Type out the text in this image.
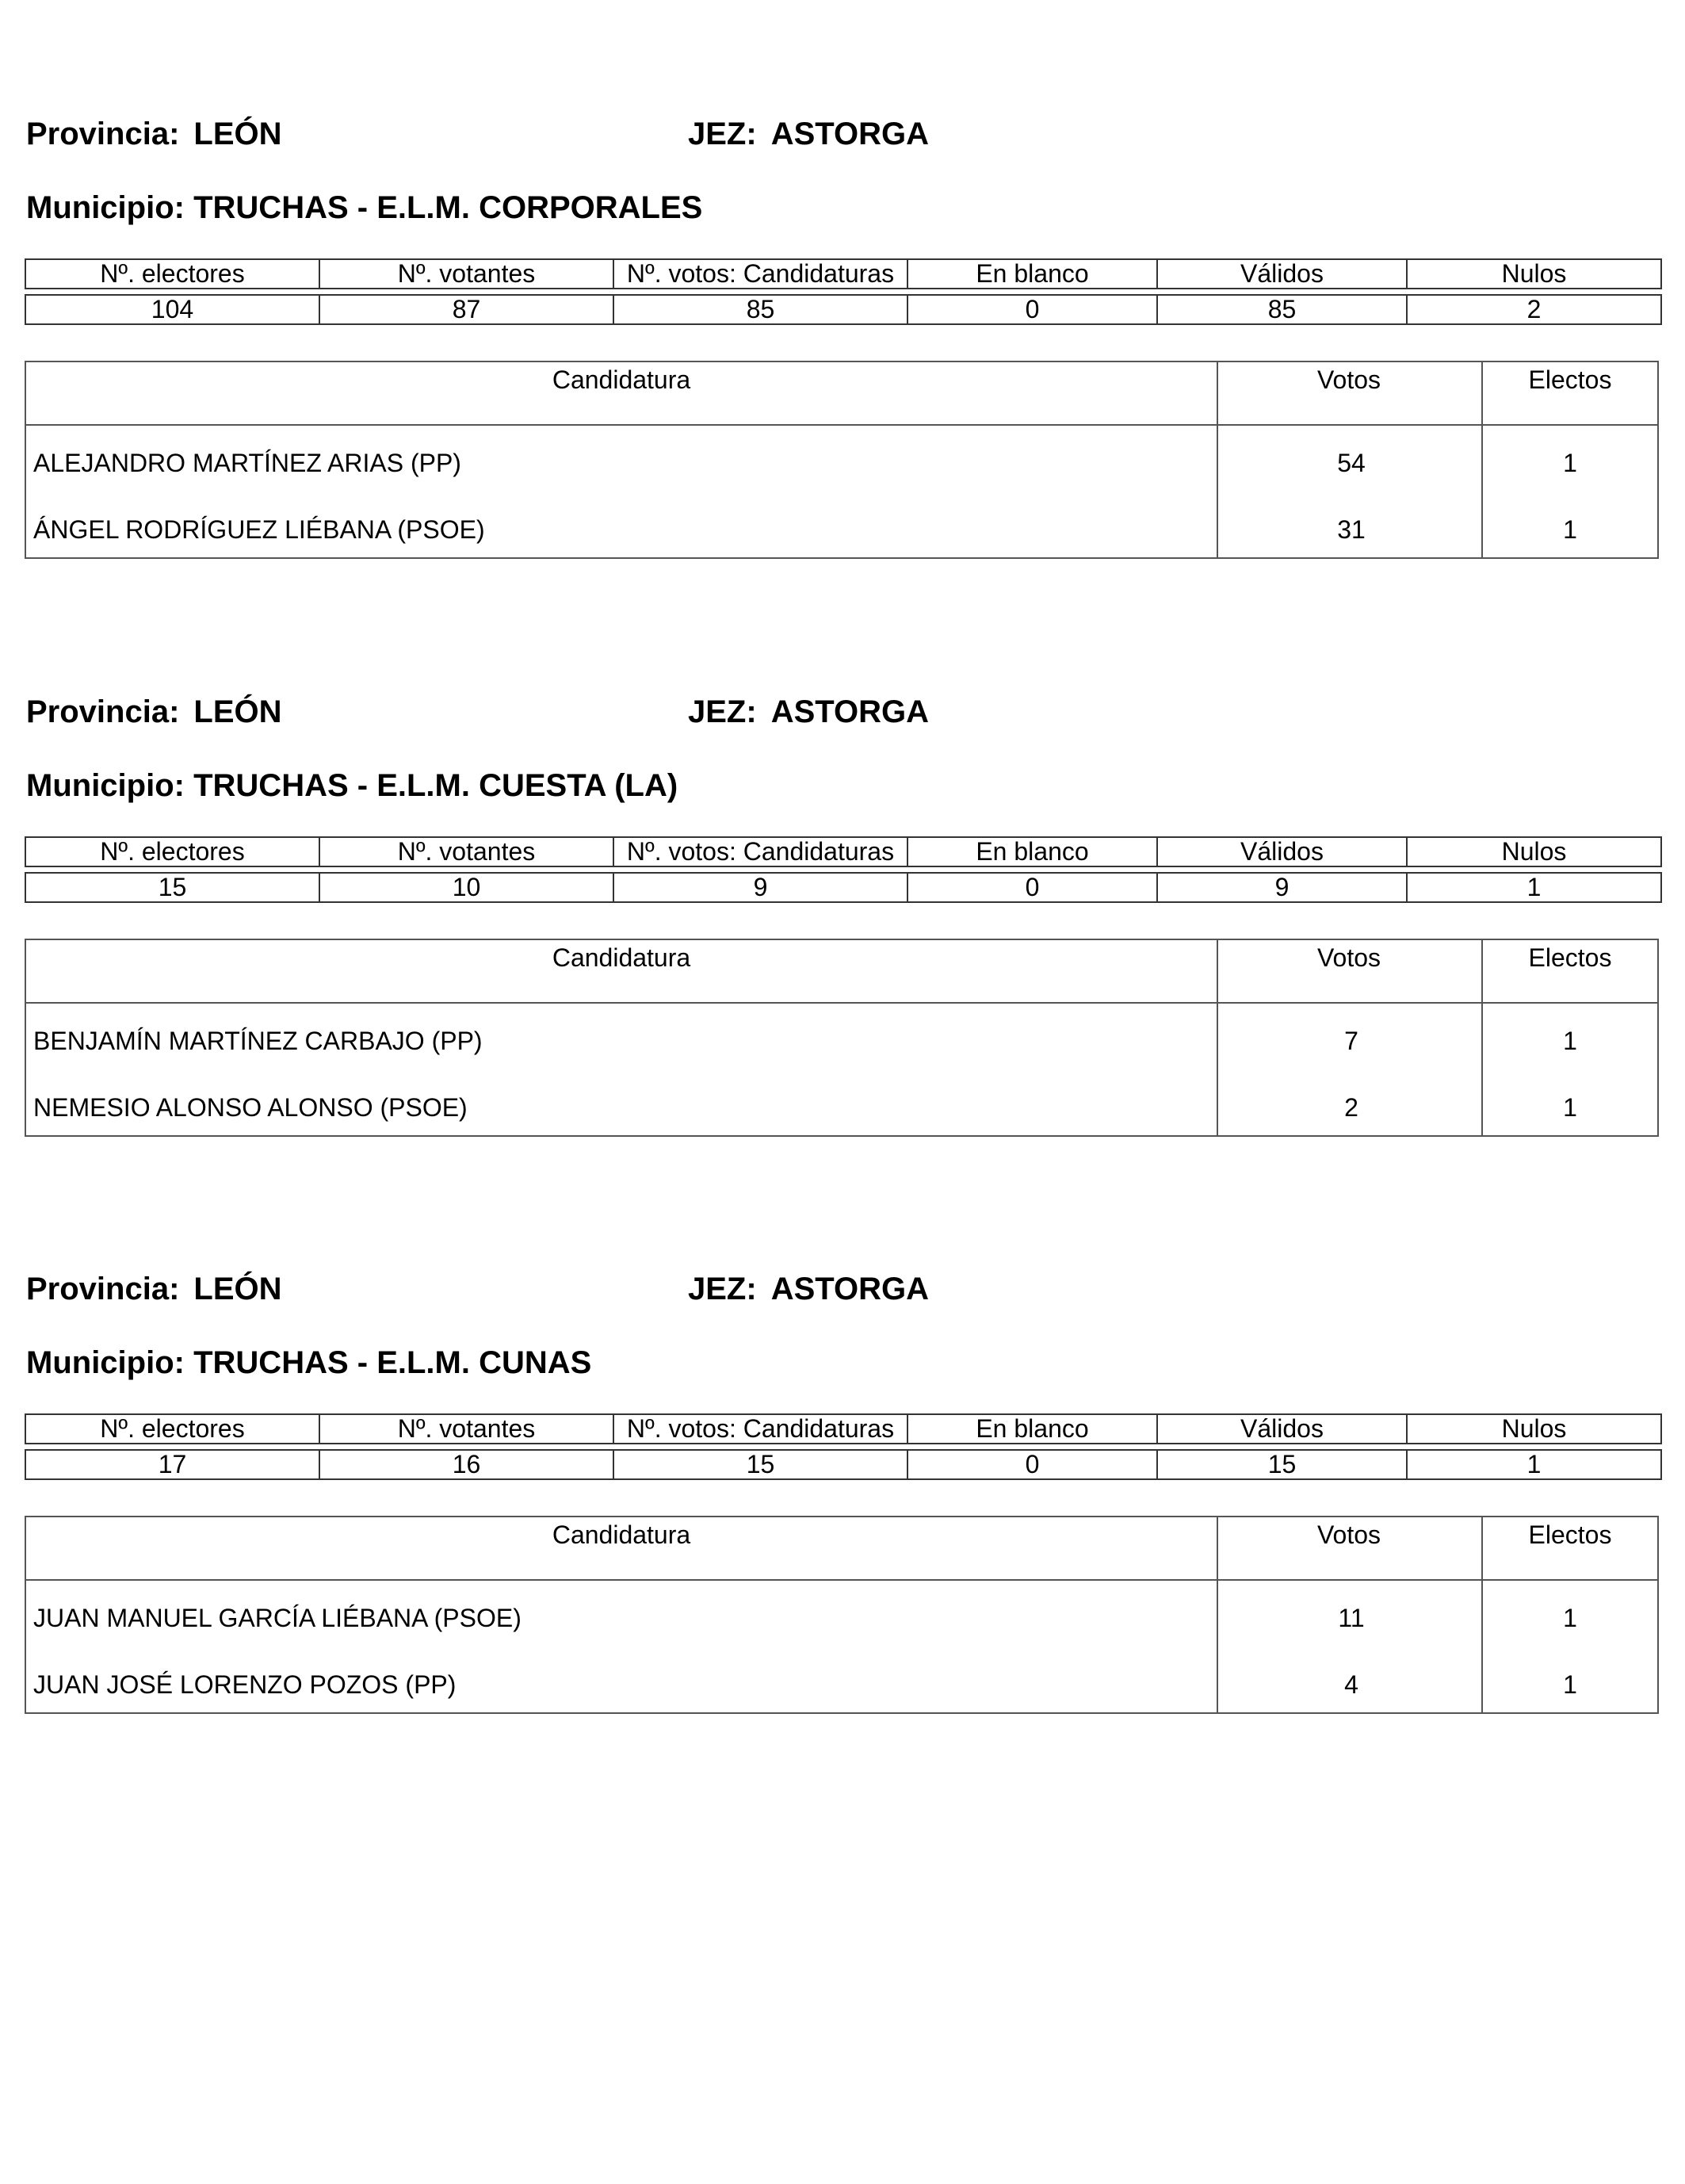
Provincia: LEÓN	JEZ: ASTORGA
Municipio: TRUCHAS - E.L.M. CORPORALES
Nº. electores	Nº. votantes	Nº. votos: Candidaturas	En blanco	Válidos	Nulos

104	87	85	0	85	2
Candidatura	Votos	Electos
ALEJANDRO MARTÍNEZ ARIAS (PP)	54	1
ÁNGEL RODRÍGUEZ LIÉBANA (PSOE)	31	1
Provincia: LEÓN	JEZ: ASTORGA
Municipio: TRUCHAS - E.L.M. CUESTA (LA)
Nº. electores	Nº. votantes	Nº. votos: Candidaturas	En blanco	Válidos	Nulos

15	10	9	0	9	1
Candidatura	Votos	Electos
BENJAMÍN MARTÍNEZ CARBAJO (PP)	7	1
NEMESIO ALONSO ALONSO (PSOE)	2	1
Provincia: LEÓN	JEZ: ASTORGA
Municipio: TRUCHAS - E.L.M. CUNAS
Nº. electores	Nº. votantes	Nº. votos: Candidaturas	En blanco	Válidos	Nulos

17	16	15	0	15	1
Candidatura	Votos	Electos
JUAN MANUEL GARCÍA LIÉBANA (PSOE)	11	1
JUAN JOSÉ LORENZO POZOS (PP)	4	1
